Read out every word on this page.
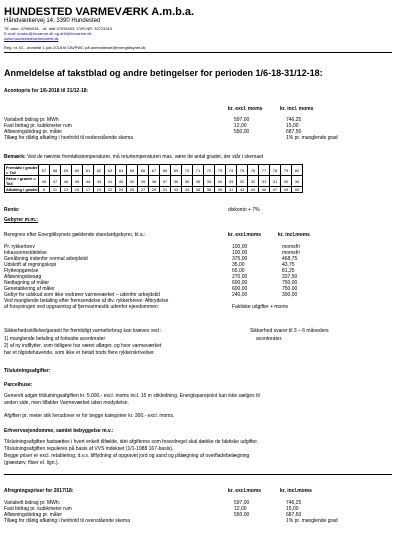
HUNDESTED VARMEVÆRK A.m.b.a.
Håndværkervej 14, 3390 Hundested
Tlf. adm. 47980015, - dr. drift 47934003, CVR-NR: 32723315
E-mail: kontor@hvvarme.dk og drift@hvvarme.dk
www.hundestedvarmevaerk.dk
Reg. nr. 61 - anmeldt 1 juni 2018 til CBi/PWC på anmeldelser@energitilsynet.dk
Anmeldelse af takstblad og andre betingelser for perioden 1/6-18-31/12-18:
Acontopris for 1/6-2018 til 31/12-18:
kr. excl. moms	kr. incl. moms
Variabelt bidrag pr. MWh	597,00	746,25
Fast bidrag pr. kubikmeter rum	12,00	15,00
Afløsningsbidrag pr. måler	550,00	687,50
Tillæg for dårlig afkøling i henhold til nedenstående skema	1% pr. manglende grad
Bemærk: Ved de nævnte fremløbstemperaturer, må returtemperaturen max. være de antal grader, der står i skemaet
Fremløb i grader = Ta2	57	58	59	60	61	62	63	64	65	66	67	68	69	70	71	72	73	74	75	76	77	78	79	80
Retur i grader = Ta3	49	47	46	45	44	43	41	40	40	39	38	37	36	36	35	34	34	33	32	32	31	31	30	30
Afkøling i grader	8	11	13	15	17	19	22	24	25	27	29	31	33	34	36	38	39	41	43	44	46	47	49	50
Rente:	diskonto + 7%
Gebyrer m.m.:
Beregnes efter Energitilsynets gældende standardgebyrer, bl.a.:	kr. excl.moms	kr. incl.moms
Pr. rykkerbrev	100,00	momsfri
Inkassomeddelelse	100,00	momsfri
Genåbning indenfor normal arbejdstid	375,00	468,75
Udskrift af regningskopi	35,00	43,75
Flytteopgørelse	65,00	81,25
Afløsningsbesøg	270,00	337,50
Nedtagning af måler	600,00	750,00
Genetablering af måler	600,00	750,00
Gebyr for udskud som ikke vedrører varmeværket – udenfor arbejdstid	240,00	300,00
Ved manglende betaling efter fremsendelse af div. rykkerbreve: Afbrydelse
af forsyningen ved opgravning af fjernvarmestik udenfor ejendommen:	Faktiske udgifter + moms
Sikkerhedsstillelse/garanti for fremtidigt varmeforbrug kan kræves ved :
1) manglende betaling af fortsatte acontorater
2) af ny indflytter, som tidligere har været afløger, og hvor varmeværket
har et tilgodehavende, som ikke er betalt trods flere rykkerskrivelser.
Sikkerhed svarer til 3 – 6 måneders
acontorater.
Tilslutningsafgifter:
Parcelhuse:
Generelt udgør tilslutningsafgiften kr. 5.000,- excl. moms incl. 15 m stikledning. Energisparepoint kan ikke sælges til
anden side, men tilfalder Varmeværket uden modydelse.
Afgiften pr. meter stik herudover er for begge kategorier kr. 300,- excl. moms.
Erhvervsejendomme, samlet bebyggelse m.v.:
Tilslutningsafgiften fastsættes i hvert enkelt tilfælde, idet afgifterne som hovedregel skal dække de faktiske udgifter.
Tilslutningsafgiften reguleres på basis af VVS indekset (1/1-1988 167-basis).
Begge priser er excl. retablering, d.v.s. tilflydning af opgravet jord og sand og pålægning af overfladebelægning
(græstørv, fliser el. lign.).
Afregningspriser for 2017/18:	kr. excl.moms	kr. incl.moms
Variabelt bidrag pr. MWh:	597,00	746,25
Fast bidrag pr. kubikmeter rum	12,00	15,00
Afløsningsbidrag pr. måler	550,00	687,50
Tillæg for dårlig afkøling i henhold til ovenstående skema	1% pr. manglende grad
